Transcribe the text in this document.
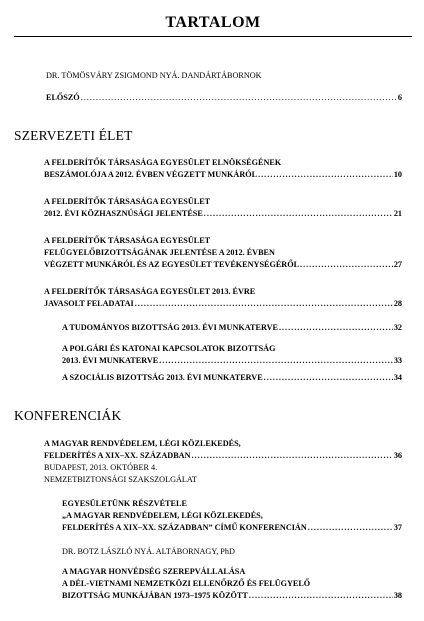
TARTALOM
DR. TÖMÖSVÁRY ZSIGMOND NYÁ. DANDÁRTÁBORNOK
ELŐSZÓ .....	6
SZERVEZETI ÉLET
A FELDERÍTŐK TÁRSASÁGA EGYESÜLET ELNÖKSÉGÉNEK
BESZÁMOLÓJA A 2012. ÉVBEN VÉGZETT MUNKÁRÓL .....	10
A FELDERÍTŐK TÁRSASÁGA EGYESÜLET
2012. ÉVI KÖZHASZNÚSÁGI JELENTÉSE .....	21
A FELDERÍTŐK TÁRSASÁGA EGYESÜLET
FELÜGYELŐBIZOTTSÁGÁNAK JELENTÉSE A 2012. ÉVBEN
VÉGZETT MUNKÁRÓL ÉS AZ EGYESÜLET TEVÉKENYSÉGÉRŐL .....	27
A FELDERÍTŐK TÁRSASÁGA EGYESÜLET 2013. ÉVRE
JAVASOLT FELADATAI .....	28
A TUDOMÁNYOS BIZOTTSÁG 2013. ÉVI MUNKATERVE .....	32
A POLGÁRI ÉS KATONAI KAPCSOLATOK BIZOTTSÁG
2013. ÉVI MUNKATERVE .....	33
A SZOCIÁLIS BIZOTTSÁG 2013. ÉVI MUNKATERVE .....	34
KONFERENCIÁK
A MAGYAR RENDVÉDELEM, LÉGI KÖZLEKEDÉS,
FELDERÍTÉS A XIX–XX. SZÁZADBAN .....	36
BUDAPEST, 2013. OKTÓBER 4.
NEMZETBIZTONSÁGI SZAKSZOLGÁLAT
EGYESÜLETÜNK RÉSZVÉTELE
„A MAGYAR RENDVÉDELEM, LÉGI KÖZLEKEDÉS,
FELDERÍTÉS A XIX–XX. SZÁZADBAN” CÍMŰ KONFERENCIÁN .....	37
DR. BOTZ LÁSZLÓ NYÁ. ALTÁBORNAGY, PhD
A MAGYAR HONVÉDSÉG SZEREPVÁLLALÁSA
A DÉL-VIETNAMI NEMZETKÖZI ELLENŐRZŐ ÉS FELÜGYELŐ
BIZOTTSÁG MUNKÁJÁBAN 1973–1975 KÖZÖTT .....	38
